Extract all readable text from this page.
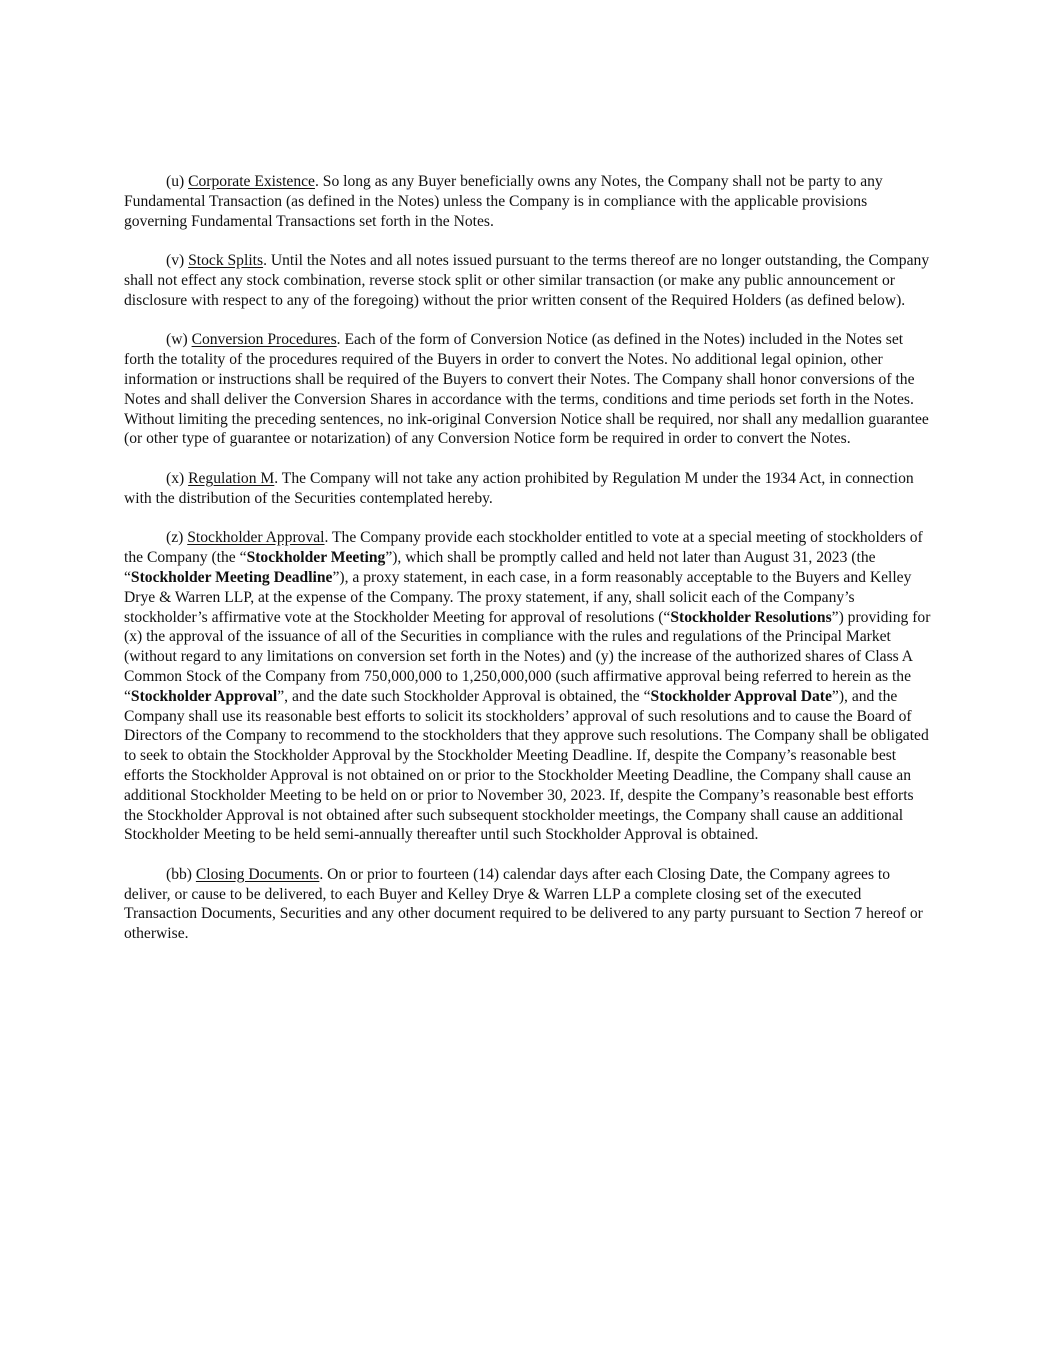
(u) Corporate Existence. So long as any Buyer beneficially owns any Notes, the Company shall not be party to any Fundamental Transaction (as defined in the Notes) unless the Company is in compliance with the applicable provisions governing Fundamental Transactions set forth in the Notes.

(v) Stock Splits. Until the Notes and all notes issued pursuant to the terms thereof are no longer outstanding, the Company shall not effect any stock combination, reverse stock split or other similar transaction (or make any public announcement or disclosure with respect to any of the foregoing) without the prior written consent of the Required Holders (as defined below).

(w) Conversion Procedures. Each of the form of Conversion Notice (as defined in the Notes) included in the Notes set forth the totality of the procedures required of the Buyers in order to convert the Notes. No additional legal opinion, other information or instructions shall be required of the Buyers to convert their Notes. The Company shall honor conversions of the Notes and shall deliver the Conversion Shares in accordance with the terms, conditions and time periods set forth in the Notes. Without limiting the preceding sentences, no ink-original Conversion Notice shall be required, nor shall any medallion guarantee (or other type of guarantee or notarization) of any Conversion Notice form be required in order to convert the Notes.

(x) Regulation M. The Company will not take any action prohibited by Regulation M under the 1934 Act, in connection with the distribution of the Securities contemplated hereby.

(z) Stockholder Approval. The Company provide each stockholder entitled to vote at a special meeting of stockholders of the Company (the “Stockholder Meeting”), which shall be promptly called and held not later than August 31, 2023 (the “Stockholder Meeting Deadline”), a proxy statement, in each case, in a form reasonably acceptable to the Buyers and Kelley Drye & Warren LLP, at the expense of the Company. The proxy statement, if any, shall solicit each of the Company’s stockholder’s affirmative vote at the Stockholder Meeting for approval of resolutions (“Stockholder Resolutions”) providing for (x) the approval of the issuance of all of the Securities in compliance with the rules and regulations of the Principal Market (without regard to any limitations on conversion set forth in the Notes) and (y) the increase of the authorized shares of Class A Common Stock of the Company from 750,000,000 to 1,250,000,000 (such affirmative approval being referred to herein as the “Stockholder Approval”, and the date such Stockholder Approval is obtained, the “Stockholder Approval Date”), and the Company shall use its reasonable best efforts to solicit its stockholders’ approval of such resolutions and to cause the Board of Directors of the Company to recommend to the stockholders that they approve such resolutions. The Company shall be obligated to seek to obtain the Stockholder Approval by the Stockholder Meeting Deadline. If, despite the Company’s reasonable best efforts the Stockholder Approval is not obtained on or prior to the Stockholder Meeting Deadline, the Company shall cause an additional Stockholder Meeting to be held on or prior to November 30, 2023. If, despite the Company’s reasonable best efforts the Stockholder Approval is not obtained after such subsequent stockholder meetings, the Company shall cause an additional Stockholder Meeting to be held semi-annually thereafter until such Stockholder Approval is obtained.

(bb) Closing Documents. On or prior to fourteen (14) calendar days after each Closing Date, the Company agrees to deliver, or cause to be delivered, to each Buyer and Kelley Drye & Warren LLP a complete closing set of the executed Transaction Documents, Securities and any other document required to be delivered to any party pursuant to Section 7 hereof or otherwise.
